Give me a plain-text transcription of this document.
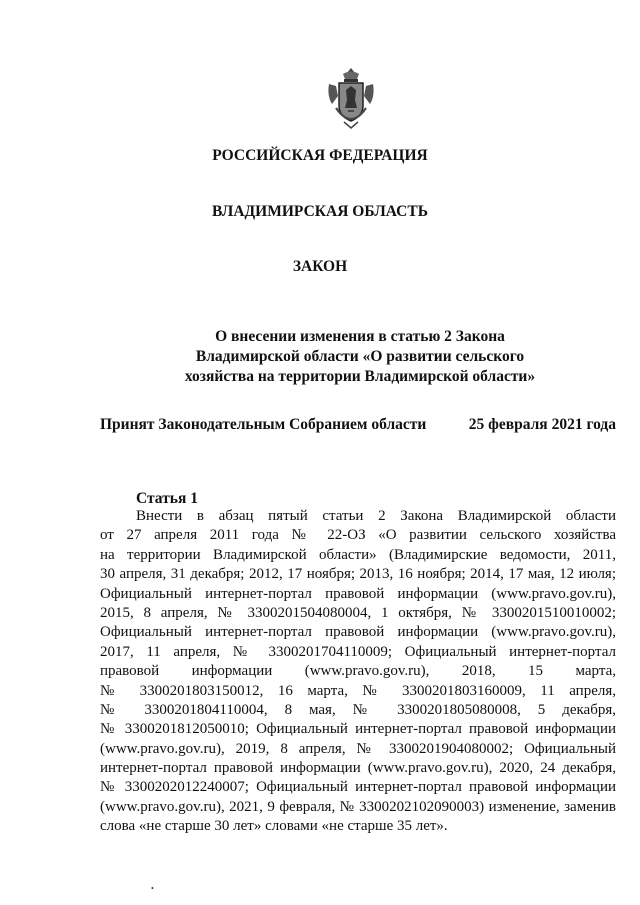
РОССИЙСКАЯ ФЕДЕРАЦИЯ
ВЛАДИМИРСКАЯ ОБЛАСТЬ
ЗАКОН
О внесении изменения в статью 2 Закона
Владимирской области «О развитии сельского
хозяйства на территории Владимирской области»
Принят Законодательным Собранием области	25 февраля 2021 года
Статья 1
Внести в абзац пятый статьи 2 Закона Владимирской области
от 27 апреля 2011 года № 22-ОЗ «О развитии сельского хозяйства
на территории Владимирской области» (Владимирские ведомости, 2011,
30 апреля, 31 декабря; 2012, 17 ноября; 2013, 16 ноября; 2014, 17 мая, 12 июля;
Официальный интернет-портал правовой информации (www.pravo.gov.ru),
2015, 8 апреля, № 3300201504080004, 1 октября, № 3300201510010002;
Официальный интернет-портал правовой информации (www.pravo.gov.ru),
2017, 11 апреля, № 3300201704110009; Официальный интернет-портал
правовой информации (www.pravo.gov.ru), 2018, 15 марта,
№ 3300201803150012, 16 марта, № 3300201803160009, 11 апреля,
№ 3300201804110004, 8 мая, № 3300201805080008, 5 декабря,
№ 3300201812050010; Официальный интернет-портал правовой информации
(www.pravo.gov.ru), 2019, 8 апреля, № 3300201904080002; Официальный
интернет-портал правовой информации (www.pravo.gov.ru), 2020, 24 декабря,
№ 3300202012240007; Официальный интернет-портал правовой информации
(www.pravo.gov.ru), 2021, 9 февраля, № 3300202102090003) изменение, заменив
слова «не старше 30 лет» словами «не старше 35 лет».
•
